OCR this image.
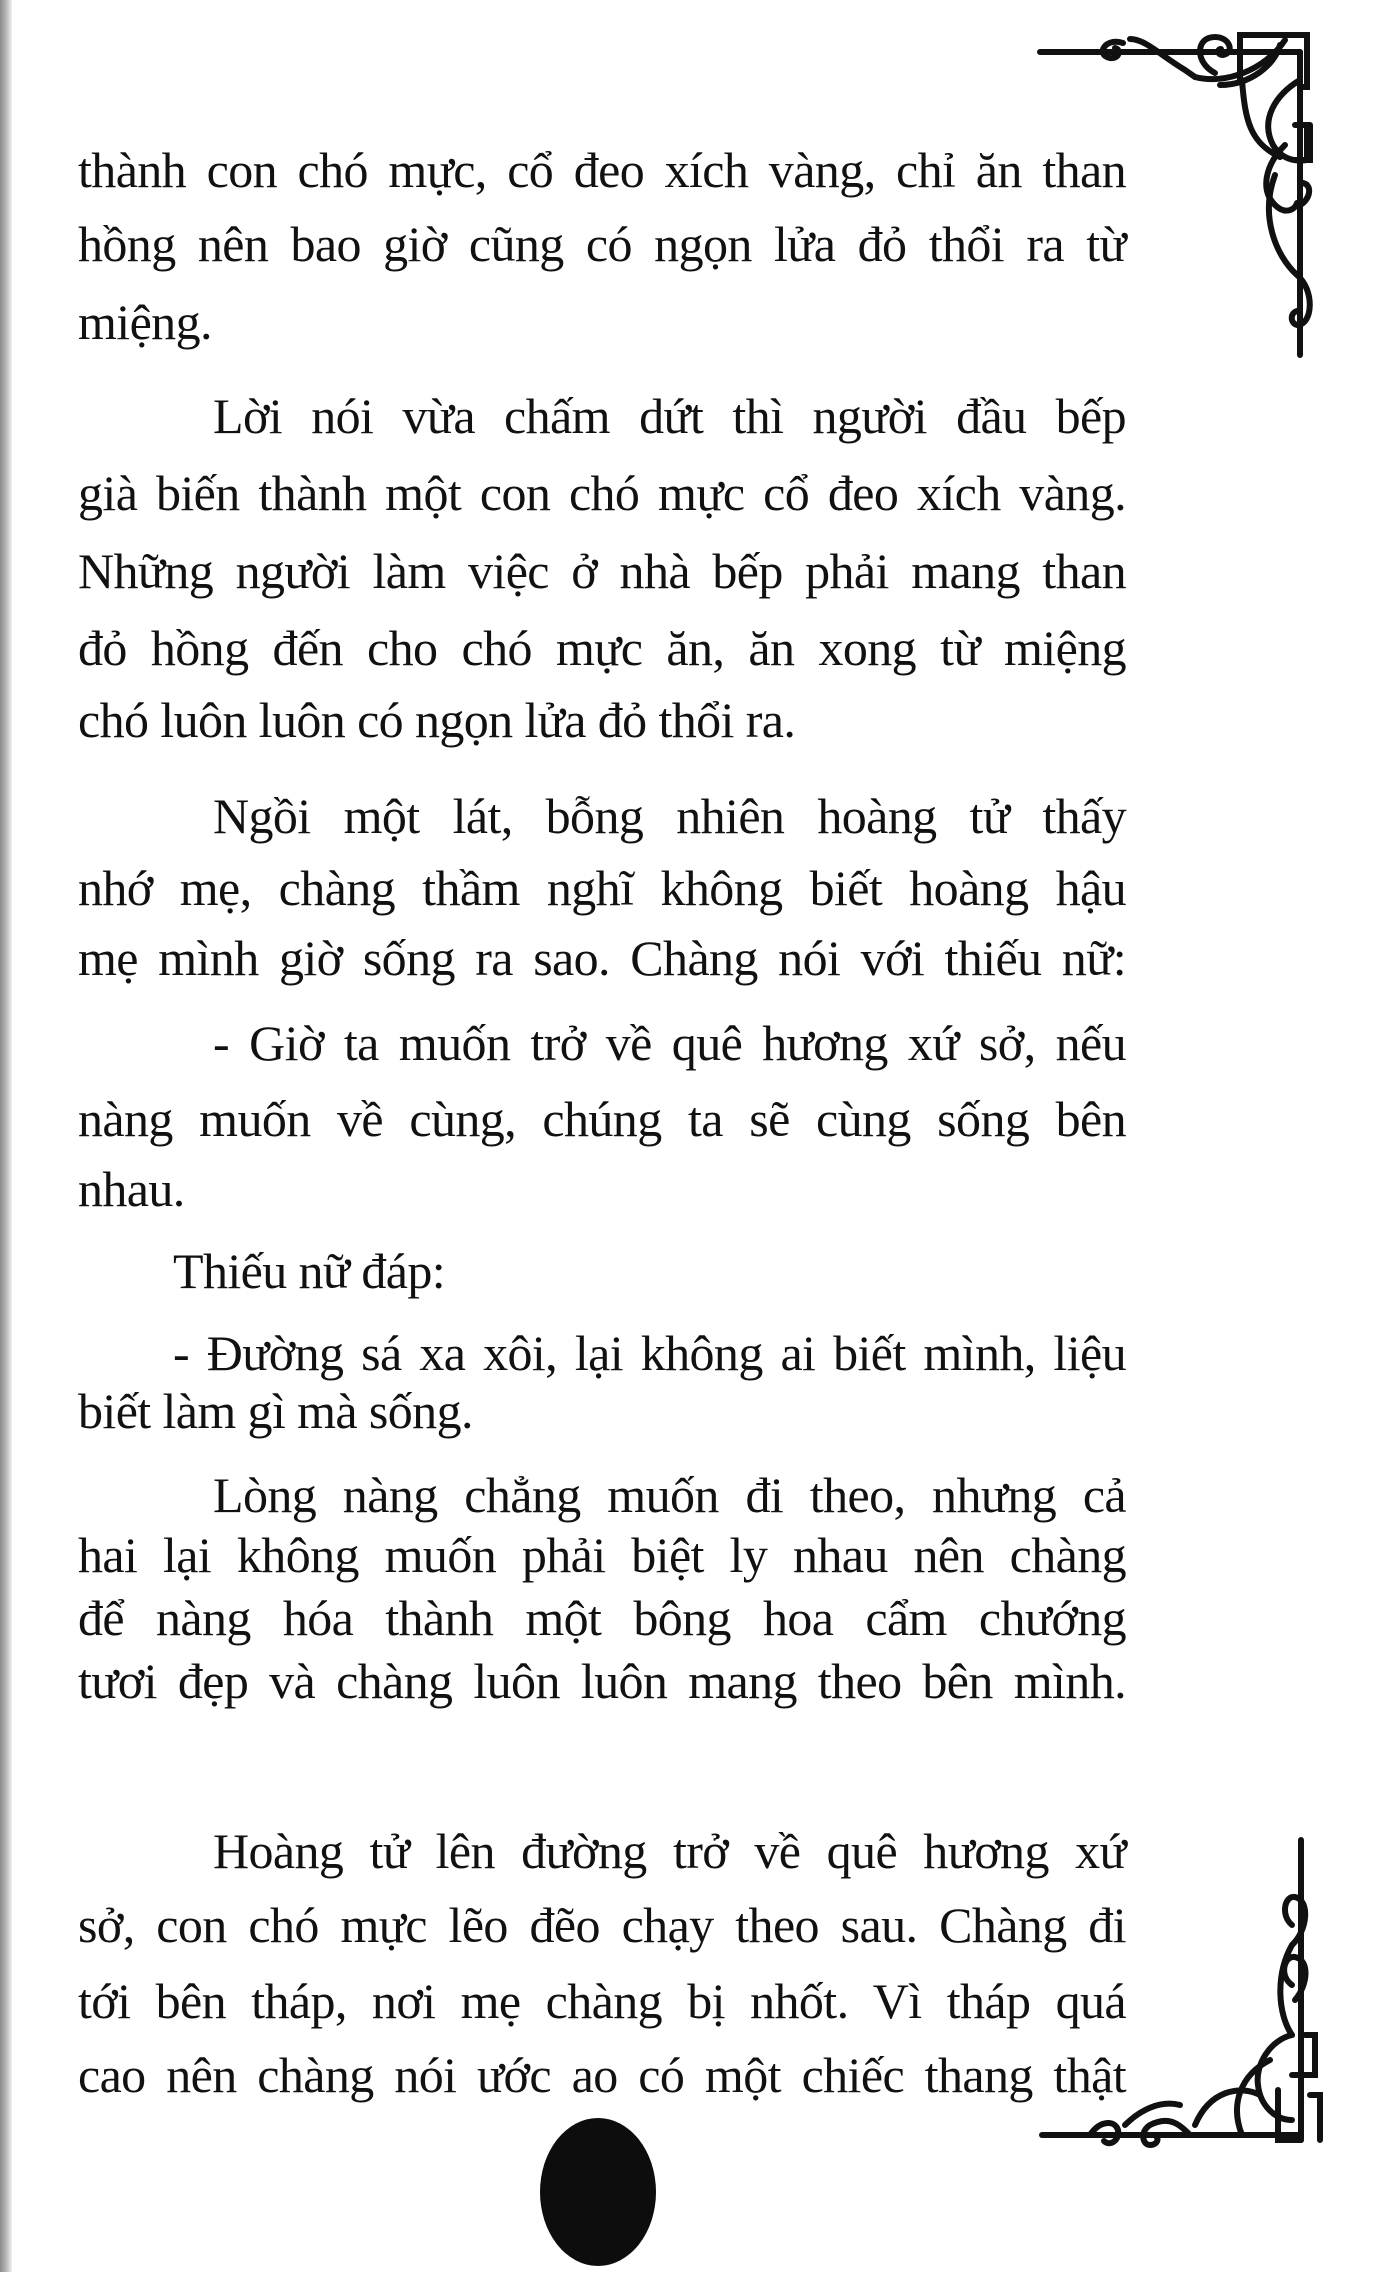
thành con chó mực, cổ đeo xích vàng, chỉ ăn than
hồng nên bao giờ cũng có ngọn lửa đỏ thổi ra từ
miệng.
Lời nói vừa chấm dứt thì người đầu bếp
già biến thành một con chó mực cổ đeo xích vàng.
Những người làm việc ở nhà bếp phải mang than
đỏ hồng đến cho chó mực ăn, ăn xong từ miệng
chó luôn luôn có ngọn lửa đỏ thổi ra.
Ngồi một lát, bỗng nhiên hoàng tử thấy
nhớ mẹ, chàng thầm nghĩ không biết hoàng hậu
mẹ mình giờ sống ra sao. Chàng nói với thiếu nữ:
- Giờ ta muốn trở về quê hương xứ sở, nếu
nàng muốn về cùng, chúng ta sẽ cùng sống bên
nhau.
Thiếu nữ đáp:
- Đường sá xa xôi, lại không ai biết mình, liệu
biết làm gì mà sống.
Lòng nàng chẳng muốn đi theo, nhưng cả
hai lại không muốn phải biệt ly nhau nên chàng
để nàng hóa thành một bông hoa cẩm chướng
tươi đẹp và chàng luôn luôn mang theo bên mình.
Hoàng tử lên đường trở về quê hương xứ
sở, con chó mực lẽo đẽo chạy theo sau. Chàng đi
tới bên tháp, nơi mẹ chàng bị nhốt. Vì tháp quá
cao nên chàng nói ước ao có một chiếc thang thật
